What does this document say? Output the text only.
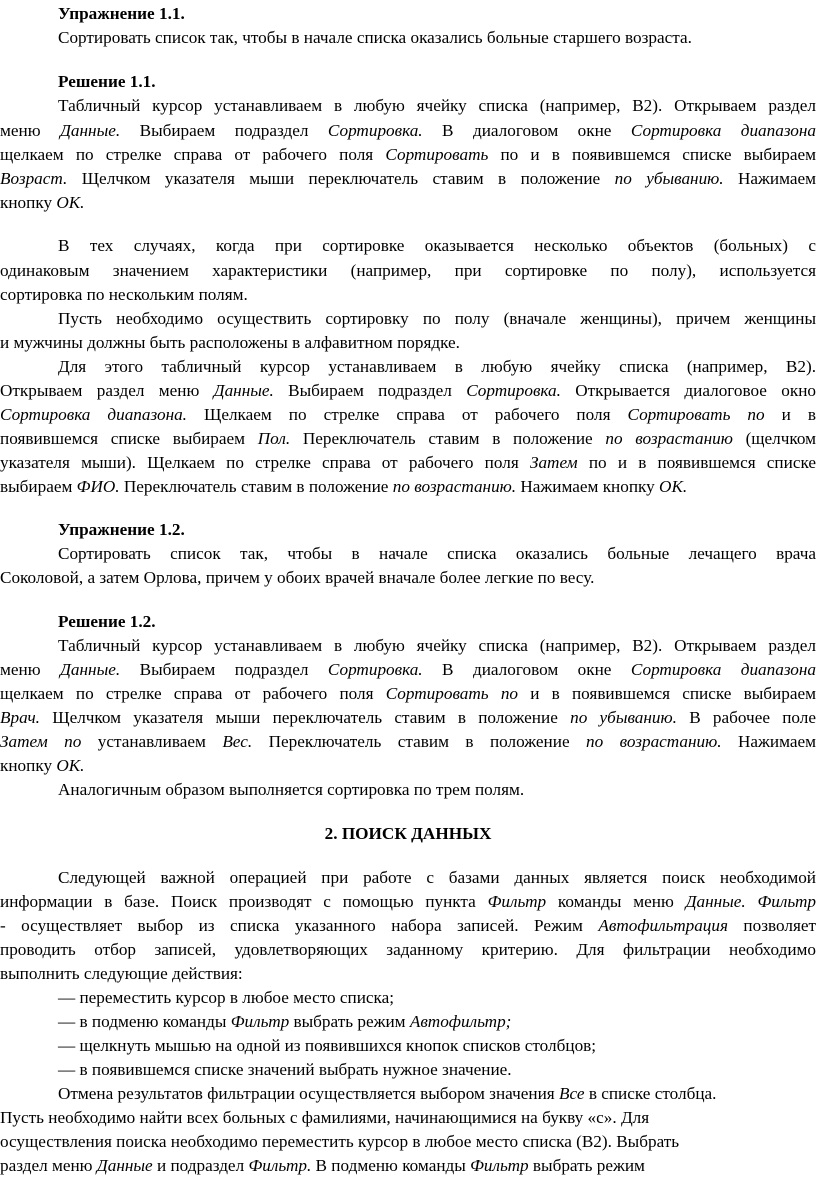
Упражнение 1.1.
Сортировать список так, чтобы в начале списка оказались больные старшего возраста.
Решение 1.1.
Табличный курсор устанавливаем в любую ячейку списка (например, B2). Открываем раздел
меню Данные. Выбираем подраздел Сортировка. В диалоговом окне Сортировка диапазона
щелкаем по стрелке справа от рабочего поля Сортировать по и в появившемся списке выбираем
Возраст. Щелчком указателя мыши переключатель ставим в положение по убыванию. Нажимаем
кнопку ОК.
В тех случаях, когда при сортировке оказывается несколько объектов (больных) с
одинаковым значением характеристики (например, при сортировке по полу), используется
сортировка по нескольким полям.
Пусть необходимо осуществить сортировку по полу (вначале женщины), причем женщины
и мужчины должны быть расположены в алфавитном порядке.
Для этого табличный курсор устанавливаем в любую ячейку списка (например, В2).
Открываем раздел меню Данные. Выбираем подраздел Сортировка. Открывается диалоговое окно
Сортировка диапазона. Щелкаем по стрелке справа от рабочего поля Сортировать по и в
появившемся списке выбираем Пол. Переключатель ставим в положение по возрастанию (щелчком
указателя мыши). Щелкаем по стрелке справа от рабочего поля Затем по и в появившемся списке
выбираем ФИО. Переключатель ставим в положение по возрастанию. Нажимаем кнопку ОК.
Упражнение 1.2.
Сортировать список так, чтобы в начале списка оказались больные лечащего врача
Соколовой, а затем Орлова, причем у обоих врачей вначале более легкие по весу.
Решение 1.2.
Табличный курсор устанавливаем в любую ячейку списка (например, B2). Открываем раздел
меню Данные. Выбираем подраздел Сортировка. В диалоговом окне Сортировка диапазона
щелкаем по стрелке справа от рабочего поля Сортировать по и в появившемся списке выбираем
Врач. Щелчком указателя мыши переключатель ставим в положение по убыванию. В рабочее поле
Затем по устанавливаем Вес. Переключатель ставим в положение по возрастанию. Нажимаем
кнопку ОК.
Аналогичным образом выполняется сортировка по трем полям.
2. ПОИСК ДАННЫХ
Следующей важной операцией при работе с базами данных является поиск необходимой
информации в базе. Поиск производят с помощью пункта Фильтр команды меню Данные. Фильтр
- осуществляет выбор из списка указанного набора записей. Режим Автофильтрация позволяет
проводить отбор записей, удовлетворяющих заданному критерию. Для фильтрации необходимо
выполнить следующие действия:
— переместить курсор в любое место списка;
— в подменю команды Фильтр выбрать режим Автофильтр;
— щелкнуть мышью на одной из появившихся кнопок списков столбцов;
— в появившемся списке значений выбрать нужное значение.
Отмена результатов фильтрации осуществляется выбором значения Все в списке столбца.
Пусть необходимо найти всех больных с фамилиями, начинающимися на букву «с». Для
осуществления поиска необходимо переместить курсор в любое место списка (B2). Выбрать
раздел меню Данные и подраздел Фильтр. В подменю команды Фильтр выбрать режим
